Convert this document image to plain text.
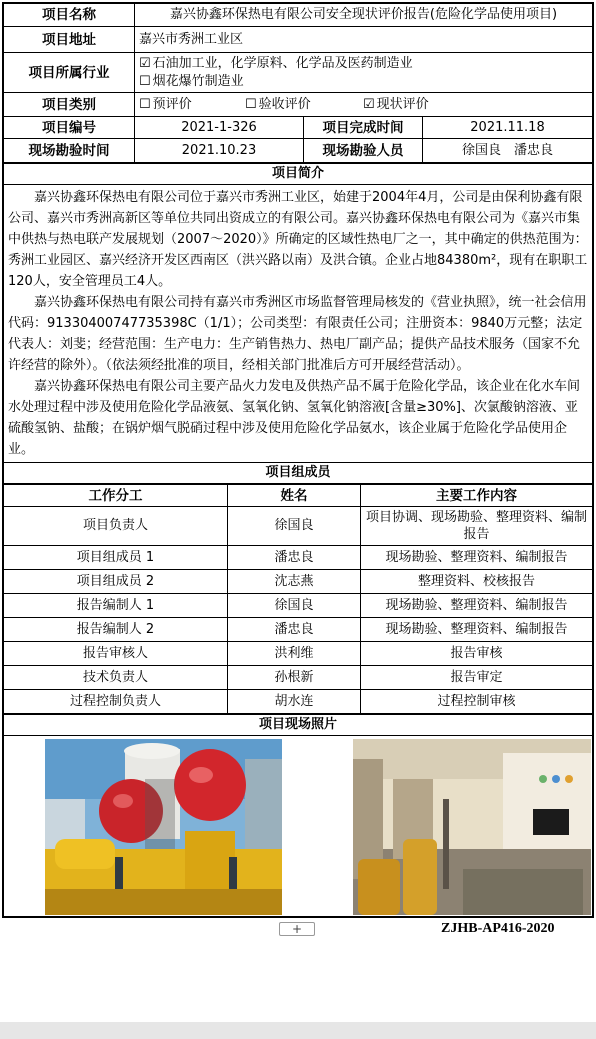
项目名称	嘉兴协鑫环保热电有限公司安全现状评价报告(危险化学品使用项目)		
项目地址	嘉兴市秀洲工业区		
项目所属行业	☑ 石油加工业，化学原料、化学品及医药制造业
☐ 烟花爆竹制造业		

项目类别	☐ 预评价 ☐ 验收评价 ☑ 现状评价		
项目编号	2021-1-326	项目完成时间	2021.11.18
现场勘验时间	2021.10.23	现场勘验人员	徐国良　潘忠良
项目简介

嘉兴协鑫环保热电有限公司位于嘉兴市秀洲工业区，始建于2004年4月，公司是由保利协鑫有限公司、嘉兴市秀洲高新区等单位共同出资成立的有限公司。嘉兴协鑫环保热电有限公司为《嘉兴市集中供热与热电联产发展规划（2007～2020）》所确定的区域性热电厂之一，其中确定的供热范围为：秀洲工业园区、嘉兴经济开发区西南区（洪兴路以南）及洪合镇。企业占地84380m²，现有在职职工120人，安全管理员工4人。

嘉兴协鑫环保热电有限公司持有嘉兴市秀洲区市场监督管理局核发的《营业执照》，统一社会信用代码：913304007477353​98C（1/1）；公司类型：有限责任公司；注册资本：9840万元整；法定代表人：刘斐；经营范围：生产电力：生产销售热力、热电厂副产品；提供产品技术服务（国家不允许经营的除外）。（依法须经批准的项目，经相关部门批准后方可开展经营活动）。

嘉兴协鑫环保热电有限公司主要产品火力发电及供热产品不属于危险化学品，该企业在化水车间水处理过程中涉及使用危险化学品液氨、氢氧化钠、氢氧化钠溶液[含量≥30%]、次氯酸钠溶液、亚硫酸氢钠、盐酸；在锅炉烟气脱硝过程中涉及使用危险化学品氨水，该企业属于危险化学品使用企业。

项目组成员
工作分工	姓名	主要工作内容
项目负责人	徐国良	项目协调、现场勘验、整理资料、编制报告
项目组成员 1	潘忠良	现场勘验、整理资料、编制报告
项目组成员 2	沈志燕	整理资料、校核报告
报告编制人 1	徐国良	现场勘验、整理资料、编制报告
报告编制人 2	潘忠良	现场勘验、整理资料、编制报告
报告审核人	洪利维	报告审核
技术负责人	孙根新	报告审定
过程控制负责人	胡水连	过程控制审核
项目现场照片

+	ZJHB-AP416-2020
